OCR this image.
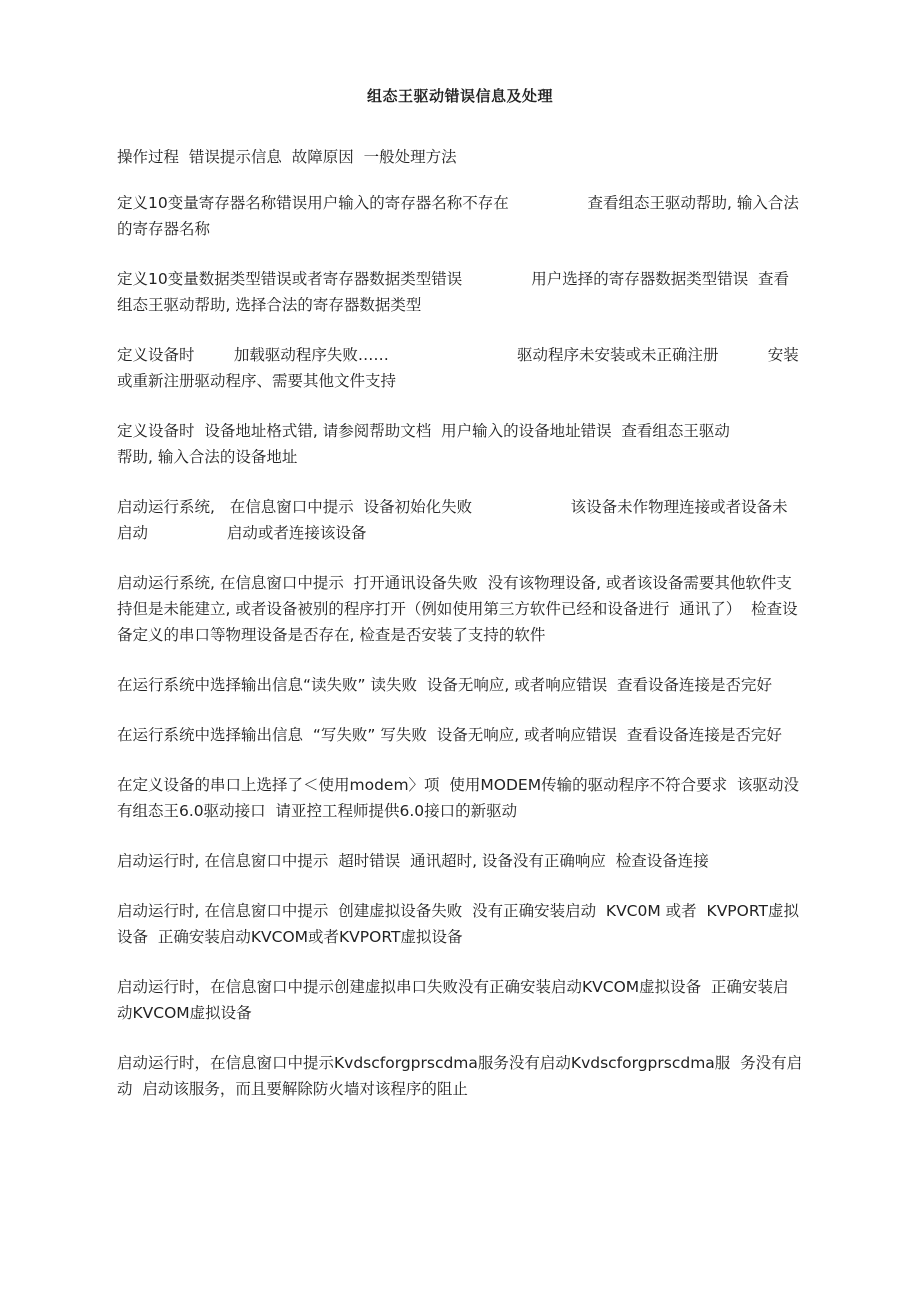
组态王驱动错误信息及处理

操作过程  错误提示信息  故障原因  一般处理方法

定义10变量寄存器名称错误用户输入的寄存器名称不存在                查看组态王驱动帮助, 输入合法的寄存器名称

定义10变量数据类型错误或者寄存器数据类型错误              用户选择的寄存器数据类型错误  查看组态王驱动帮助, 选择合法的寄存器数据类型

定义设备时        加载驱动程序失败……                          驱动程序未安装或未正确注册          安装或重新注册驱动程序、需要其他文件支持

定义设备时  设备地址格式错, 请参阅帮助文档  用户输入的设备地址错误  查看组态王驱动              帮助, 输入合法的设备地址

启动运行系统,   在信息窗口中提示  设备初始化失败                    该设备未作物理连接或者设备未启动                启动或者连接该设备

启动运行系统, 在信息窗口中提示  打开通讯设备失败  没有该物理设备, 或者该设备需要其他软件支持但是未能建立, 或者设备被别的程序打开（例如使用第三方软件已经和设备进行  通讯了）  检查设备定义的串口等物理设备是否存在, 检查是否安装了支持的软件

在运行系统中选择输出信息“读失败” 读失败  设备无响应, 或者响应错误  查看设备连接是否完好

在运行系统中选择输出信息  “写失败” 写失败  设备无响应, 或者响应错误  查看设备连接是否完好

在定义设备的串口上选择了＜使用modem〉项  使用MODEM传输的驱动程序不符合要求  该驱动没有组态王6.0驱动接口  请亚控工程师提供6.0接口的新驱动

启动运行时, 在信息窗口中提示  超时错误  通讯超时, 设备没有正确响应  检查设备连接

启动运行时, 在信息窗口中提示  创建虚拟设备失败  没有正确安装启动  KVC0M 或者  KVPORT虚拟设备  正确安装启动KVCOM或者KVPORT虚拟设备

启动运行时，在信息窗口中提示创建虚拟串口失败没有正确安装启动KVCOM虚拟设备  正确安装启动KVCOM虚拟设备

启动运行时，在信息窗口中提示Kvdscforgprscdma服务没有启动Kvdscforgprscdma服  务没有启动  启动该服务，而且要解除防火墙对该程序的阻止
